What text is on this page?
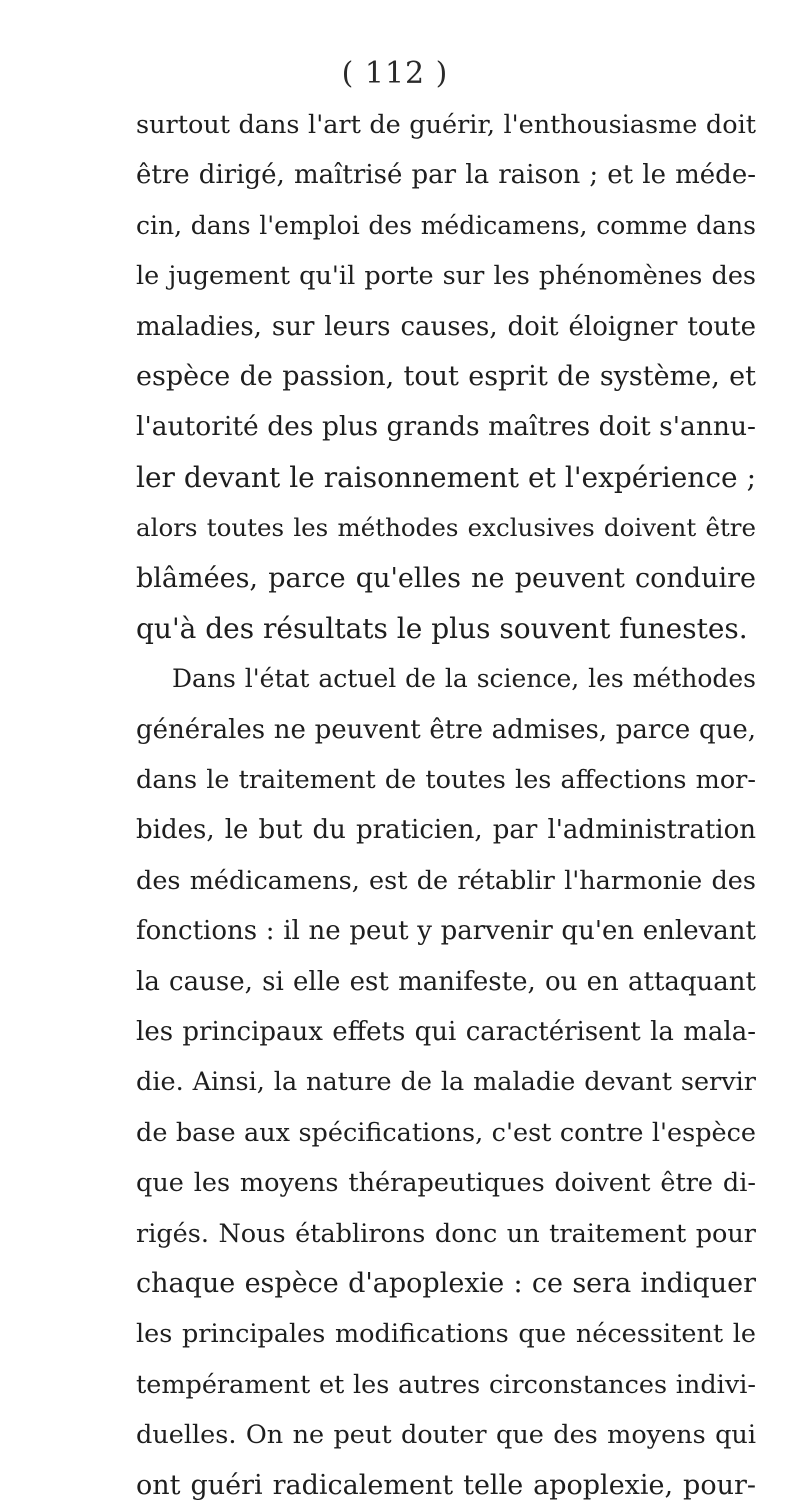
( 112 )
surtout dans l'art de guérir, l'enthousiasme doit
être dirigé, maîtrisé par la raison ; et le méde-
cin, dans l'emploi des médicamens, comme dans
le jugement qu'il porte sur les phénomènes des
maladies, sur leurs causes, doit éloigner toute
espèce de passion, tout esprit de système, et
l'autorité des plus grands maîtres doit s'annu-
ler devant le raisonnement et l'expérience ;
alors toutes les méthodes exclusives doivent être
blâmées, parce qu'elles ne peuvent conduire
qu'à des résultats le plus souvent funestes.
Dans l'état actuel de la science, les méthodes
générales ne peuvent être admises, parce que,
dans le traitement de toutes les affections mor-
bides, le but du praticien, par l'administration
des médicamens, est de rétablir l'harmonie des
fonctions : il ne peut y parvenir qu'en enlevant
la cause, si elle est manifeste, ou en attaquant
les principaux effets qui caractérisent la mala-
die. Ainsi, la nature de la maladie devant servir
de base aux spécifications, c'est contre l'espèce
que les moyens thérapeutiques doivent être di-
rigés. Nous établirons donc un traitement pour
chaque espèce d'apoplexie : ce sera indiquer
les principales modifications que nécessitent le
tempérament et les autres circonstances indivi-
duelles. On ne peut douter que des moyens qui
ont guéri radicalement telle apoplexie, pour-
